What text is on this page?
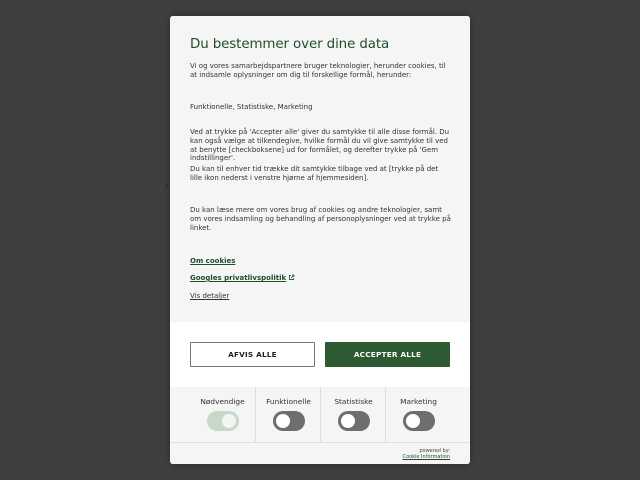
Du bestemmer over dine data

Vi og vores samarbejdspartnere bruger teknologier, herunder cookies, til at indsamle oplysninger om dig til forskellige formål, herunder:

Funktionelle, Statistiske, Marketing

Ved at trykke på 'Accepter alle' giver du samtykke til alle disse formål. Du kan også vælge at tilkendegive, hvilke formål du vil give samtykke til ved at benytte [checkboksene] ud for formålet, og derefter trykke på 'Gem indstillinger'.

Du kan til enhver tid trække dit samtykke tilbage ved at [trykke på det lille ikon nederst i venstre hjørne af hjemmesiden].

Du kan læse mere om vores brug af cookies og andre teknologier, samt om vores indsamling og behandling af personoplysninger ved at trykke på linket.

Om cookies
Googles privatlivspolitik
Vis detaljer
AFVIS ALLE	ACCEPTER ALLE
Nødvendige	Funktionelle	Statistiske	Marketing
powered by:
Cookie Information
